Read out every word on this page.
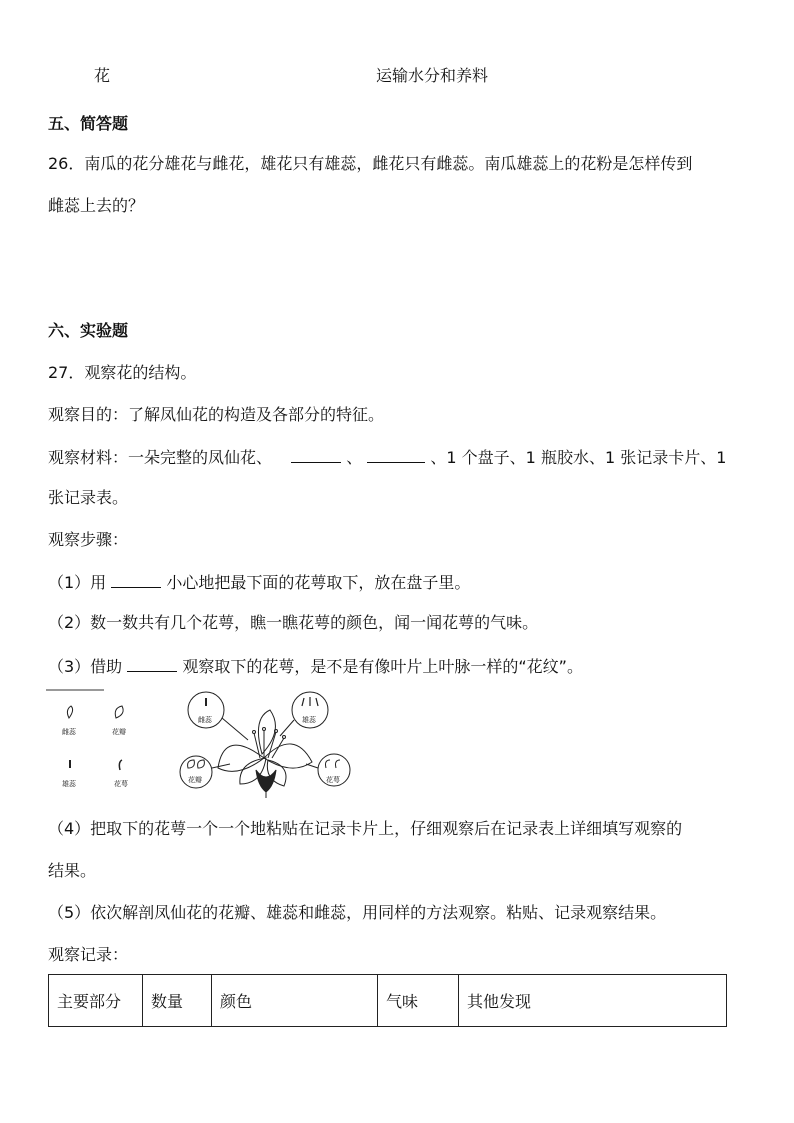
花	运输水分和养料
五、简答题
26．南瓜的花分雄花与雌花，雄花只有雄蕊，雌花只有雌蕊。南瓜雄蕊上的花粉是怎样传到
雌蕊上去的？
六、实验题
27．观察花的结构。
观察目的：了解凤仙花的构造及各部分的特征。
观察材料：一朵完整的凤仙花、	、	、1 个盘子、1 瓶胶水、1 张记录卡片、1
张记录表。
观察步骤：
（1）用	小心地把最下面的花萼取下，放在盘子里。
（2）数一数共有几个花萼，瞧一瞧花萼的颜色，闻一闻花萼的气味。
（3）借助	观察取下的花萼，是不是有像叶片上叶脉一样的“花纹”。
雌蕊	花瓣
雄蕊	花萼
雌蕊	雄蕊
花瓣	花萼
（4）把取下的花萼一个一个地粘贴在记录卡片上，仔细观察后在记录表上详细填写观察的
结果。
（5）依次解剖凤仙花的花瓣、雄蕊和雌蕊，用同样的方法观察。粘贴、记录观察结果。
观察记录：
主要部分	数量	颜色	气味	其他发现
